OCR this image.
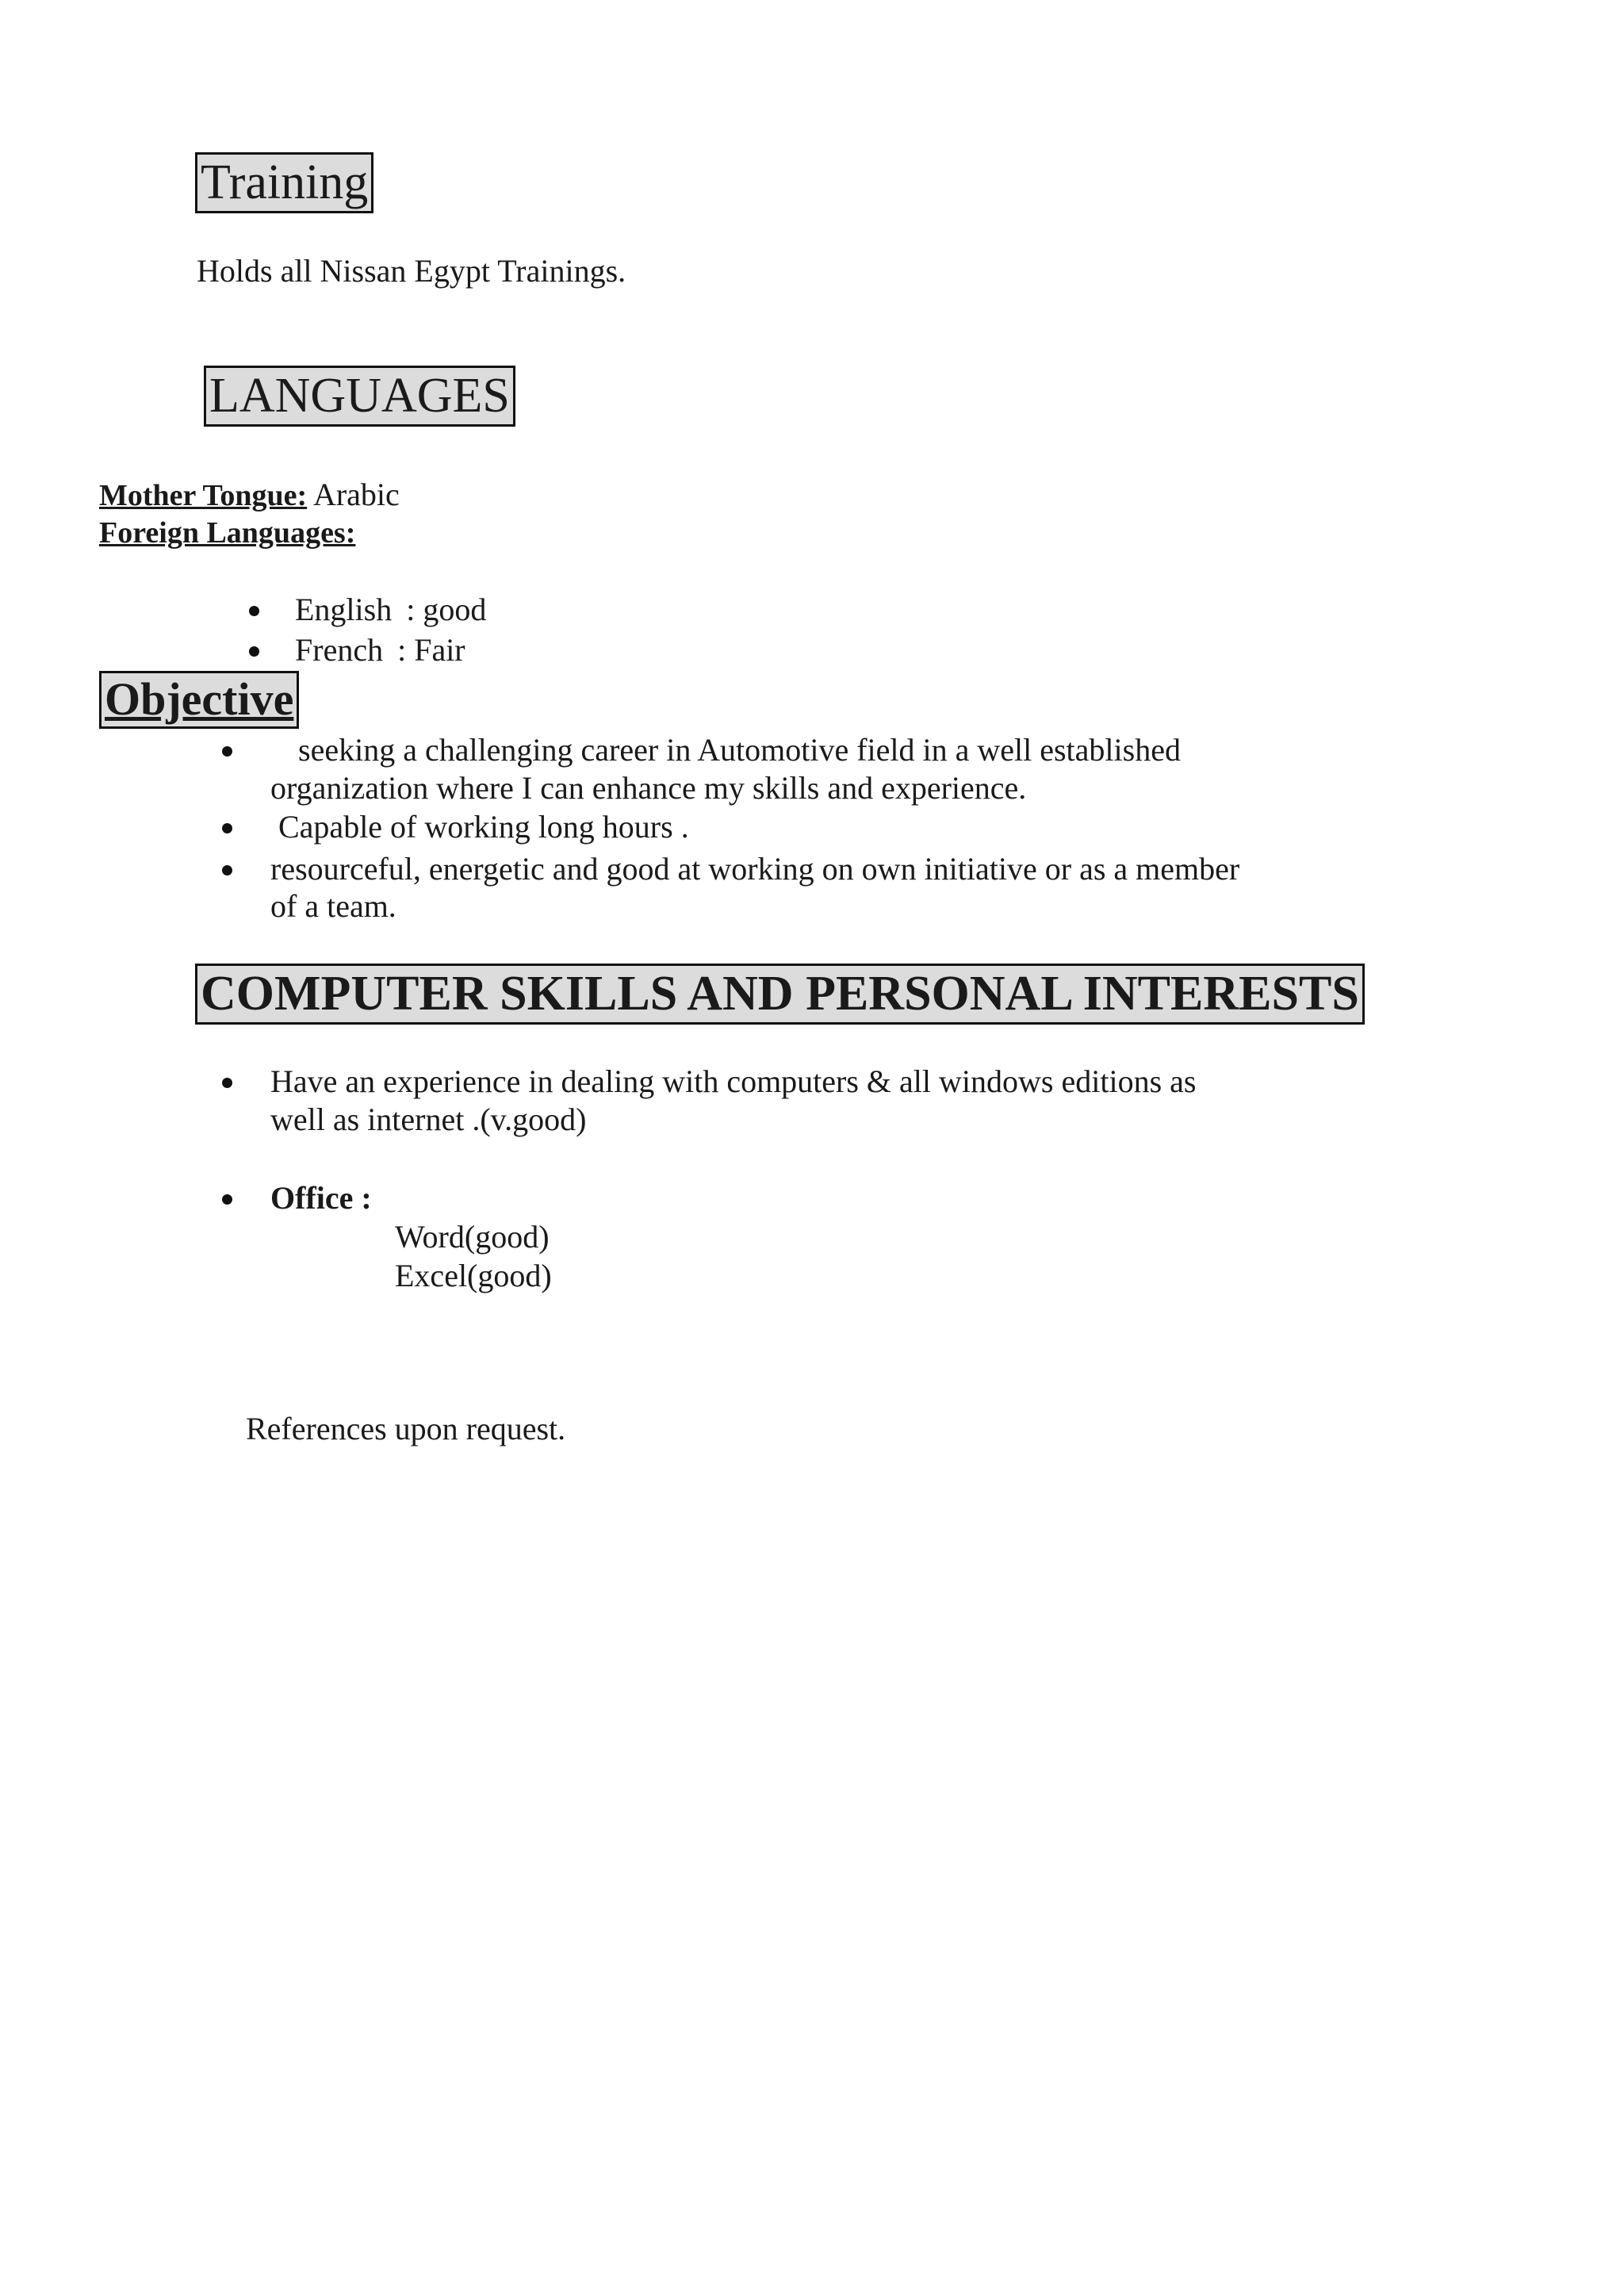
Training
Holds all Nissan Egypt Trainings.
LANGUAGES
Mother Tongue: Arabic
Foreign Languages:
English : good
French : Fair
Objective
seeking a challenging career in Automotive field in a well established
organization where I can enhance my skills and experience.
Capable of working long hours .
resourceful, energetic and good at working on own initiative or as a member
of a team.
COMPUTER SKILLS AND PERSONAL INTERESTS
Have an experience in dealing with computers & all windows editions as
well as internet .(v.good)
Office :
Word(good)
Excel(good)
References upon request.
